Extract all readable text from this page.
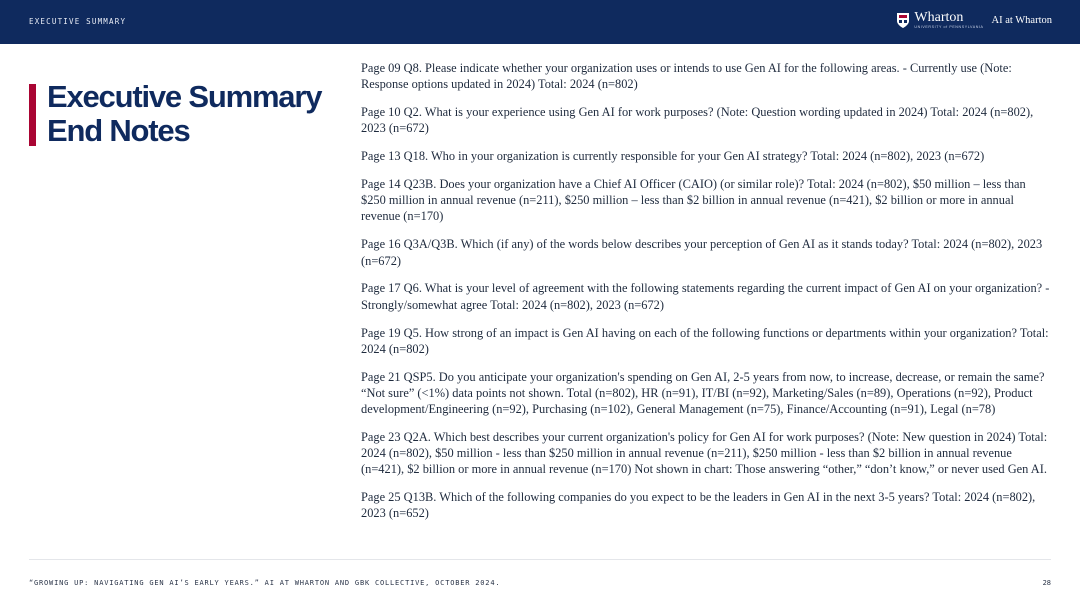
EXECUTIVE SUMMARY	Wharton
UNIVERSITY of PENNSYLVANIA
AI at Wharton
Executive Summary
End Notes

Page 09 Q8. Please indicate whether your organization uses or intends to use Gen AI for the following areas. - Currently use (Note: Response options updated in 2024) Total: 2024 (n=802)

Page 10 Q2. What is your experience using Gen AI for work purposes? (Note: Question wording updated in 2024) Total: 2024 (n=802), 2023 (n=672)

Page 13 Q18. Who in your organization is currently responsible for your Gen AI strategy? Total: 2024 (n=802), 2023 (n=672)

Page 14 Q23B. Does your organization have a Chief AI Officer (CAIO) (or similar role)? Total: 2024 (n=802), $50 million – less than $250 million in annual revenue (n=211), $250 million – less than $2 billion in annual revenue (n=421), $2 billion or more in annual revenue (n=170)

Page 16 Q3A/Q3B. Which (if any) of the words below describes your perception of Gen AI as it stands today? Total: 2024 (n=802), 2023 (n=672)

Page 17 Q6. What is your level of agreement with the following statements regarding the current impact of Gen AI on your organization? - Strongly/somewhat agree Total: 2024 (n=802), 2023 (n=672)

Page 19 Q5. How strong of an impact is Gen AI having on each of the following functions or departments within your organization? Total: 2024 (n=802)

Page 21 QSP5. Do you anticipate your organization's spending on Gen AI, 2-5 years from now, to increase, decrease, or remain the same? “Not sure” (<1%) data points not shown. Total (n=802), HR (n=91), IT/BI (n=92), Marketing/Sales (n=89), Operations (n=92), Product development/Engineering (n=92), Purchasing (n=102), General Management (n=75), Finance/Accounting (n=91), Legal (n=78)

Page 23 Q2A. Which best describes your current organization's policy for Gen AI for work purposes? (Note: New question in 2024) Total: 2024 (n=802), $50 million - less than $250 million in annual revenue (n=211), $250 million - less than $2 billion in annual revenue (n=421), $2 billion or more in annual revenue (n=170) Not shown in chart: Those answering “other,” “don’t know,” or never used Gen AI.

Page 25 Q13B. Which of the following companies do you expect to be the leaders in Gen AI in the next 3-5 years? Total: 2024 (n=802), 2023 (n=652)

“GROWING UP: NAVIGATING GEN AI’S EARLY YEARS.” AI AT WHARTON AND GBK COLLECTIVE, OCTOBER 2024.	28
